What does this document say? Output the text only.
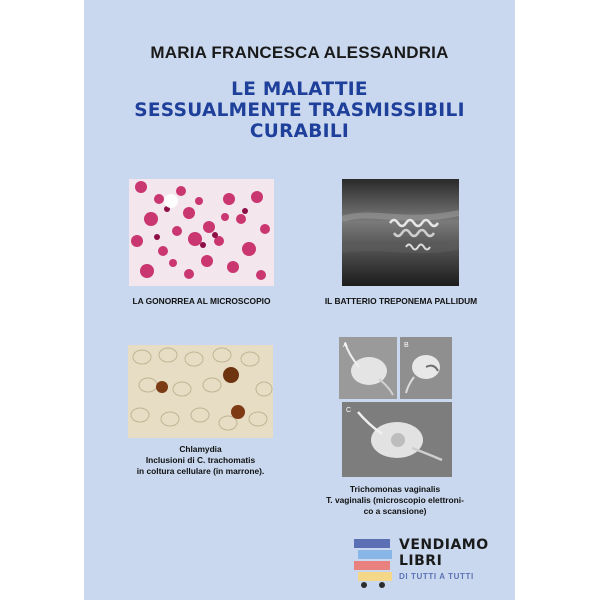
MARIA FRANCESCA ALESSANDRIA
LE MALATTIE
SESSUALMENTE TRASMISSIBILI
CURABILI
LA GONORREA AL MICROSCOPIO	IL BATTERIO TREPONEMA PALLIDUM
Chlamydia
Inclusioni di C. trachomatis
in coltura cellulare (in marrone).
A	B
C
Trichomonas vaginalis
T. vaginalis (microscopio elettroni-
co a scansione)
VENDIAMO
LIBRI
DI TUTTI A TUTTI
